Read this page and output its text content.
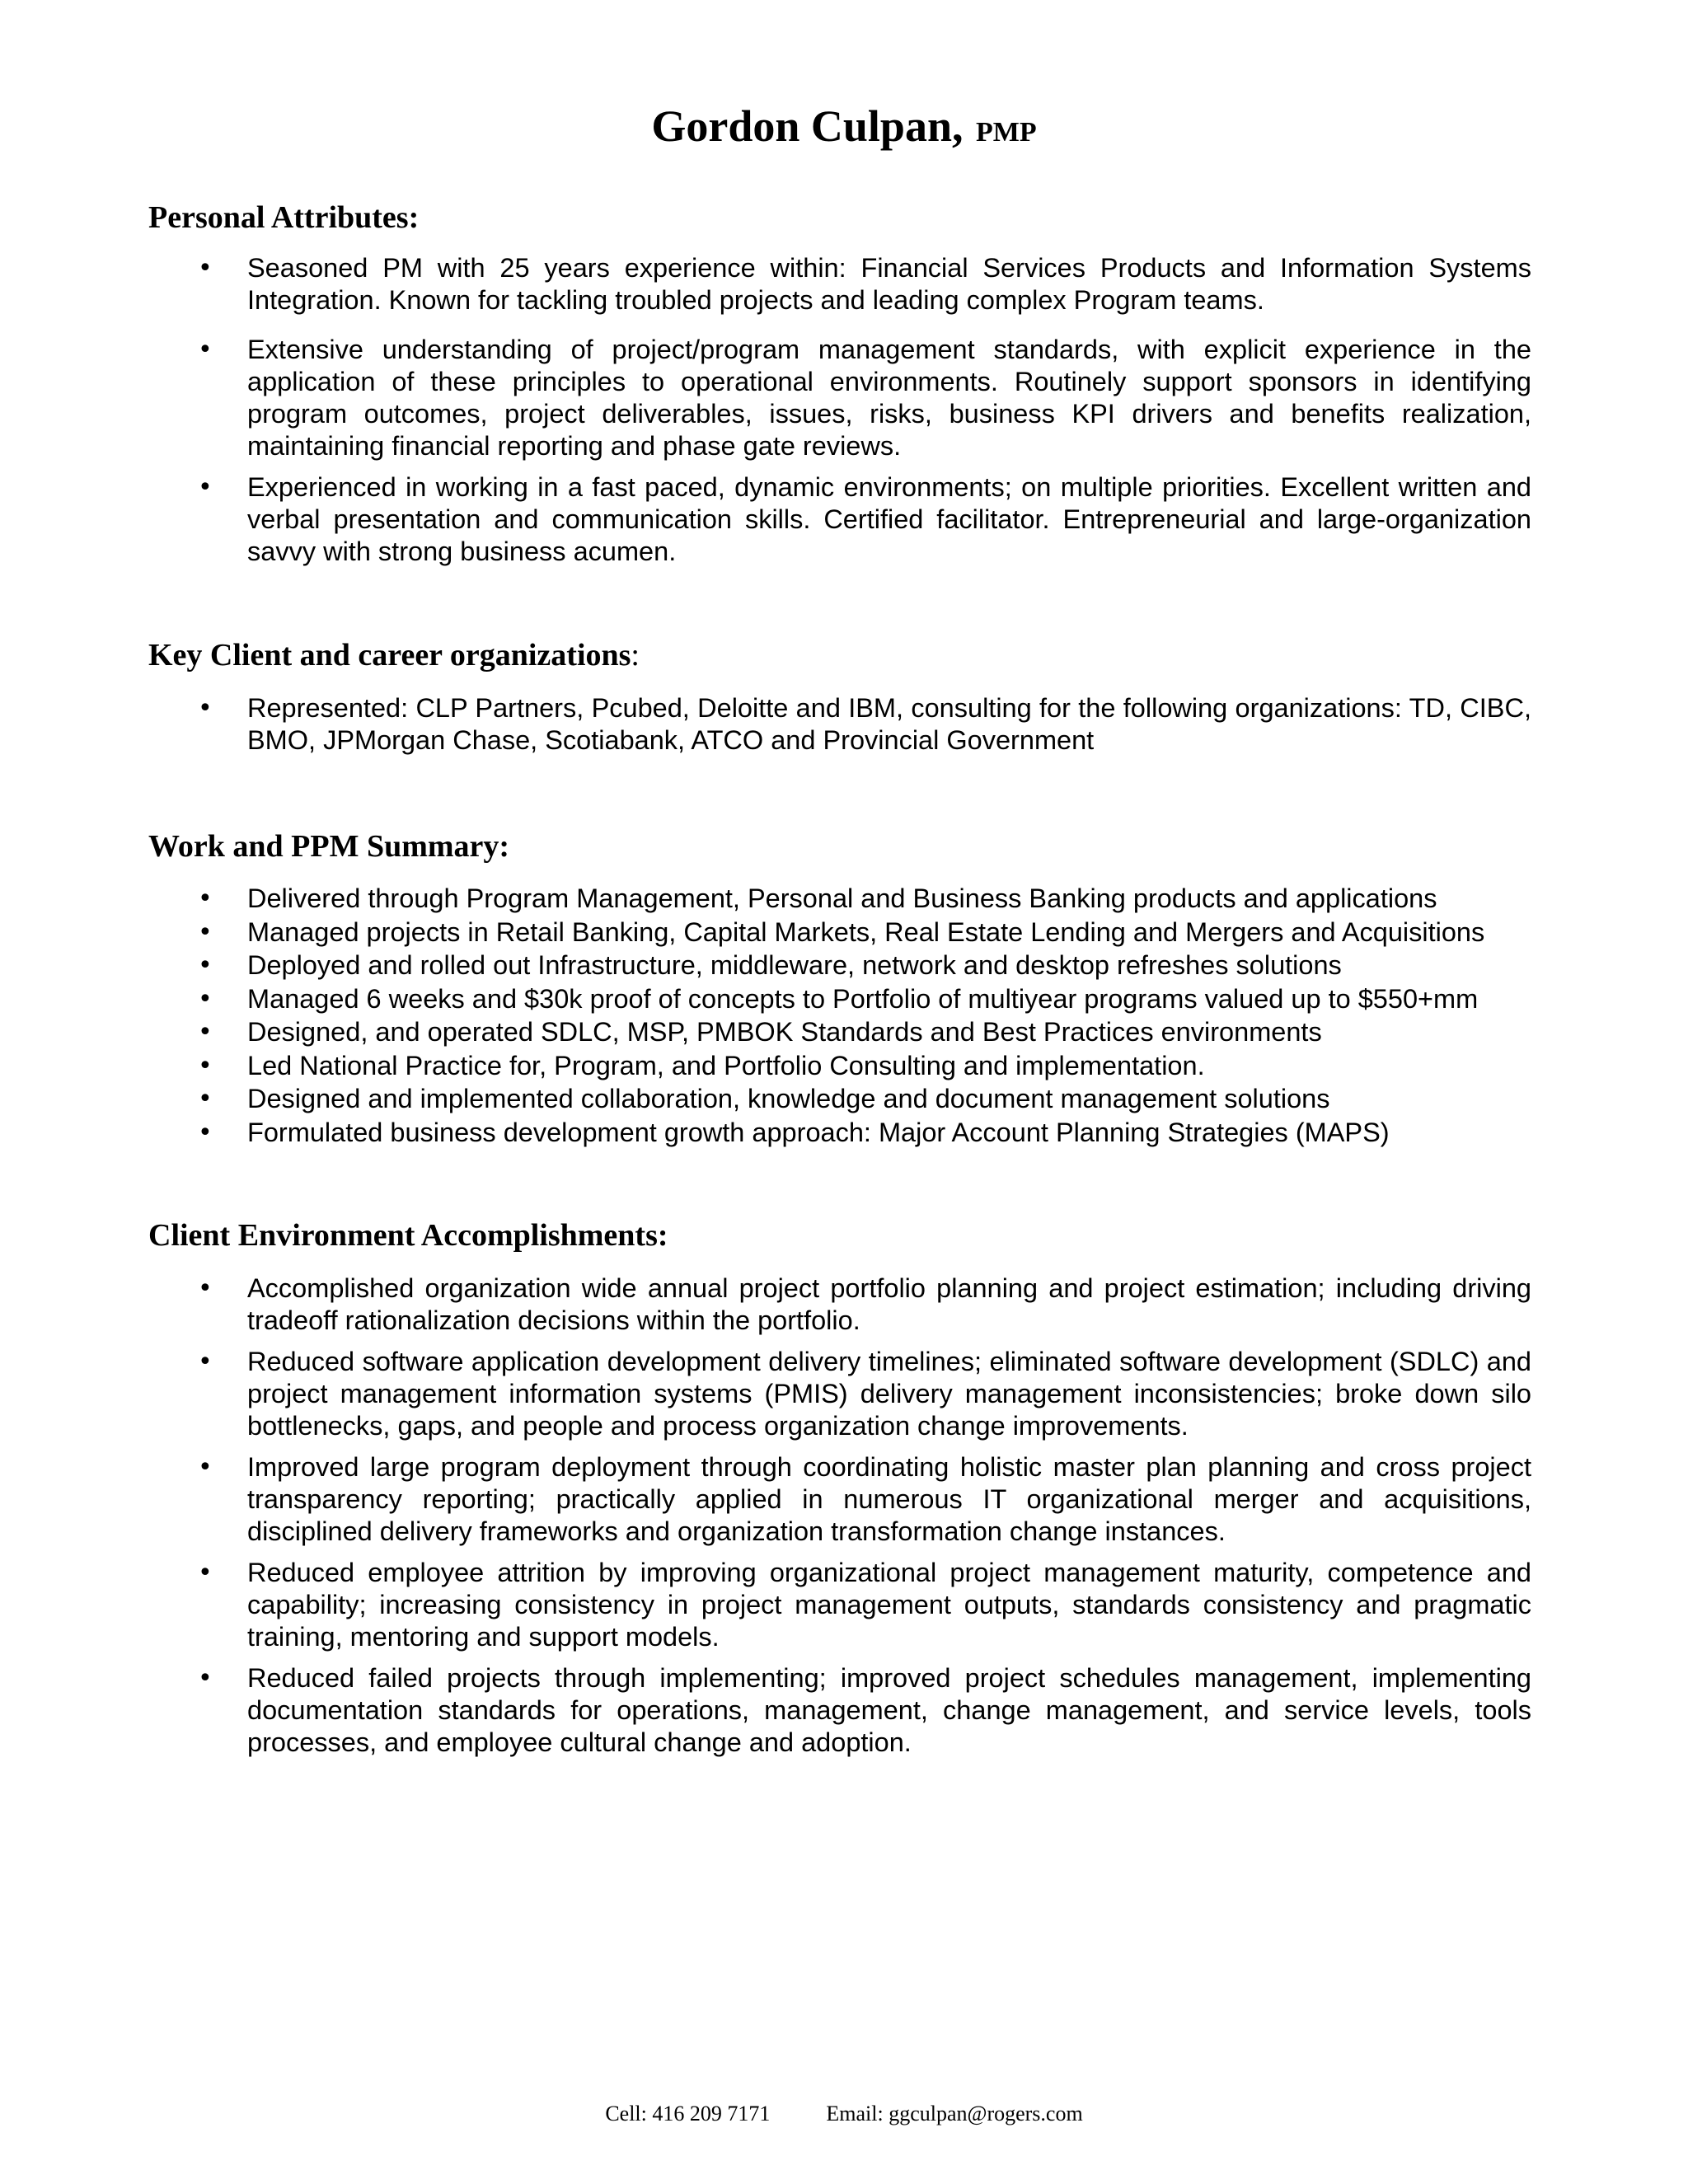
Gordon Culpan, PMP
Personal Attributes:
• Seasoned PM with 25 years experience within: Financial Services Products and Information Systems Integration. Known for tackling troubled projects and leading complex Program teams.
• Extensive understanding of project/program management standards, with explicit experience in the application of these principles to operational environments. Routinely support sponsors in identifying program outcomes, project deliverables, issues, risks, business KPI drivers and benefits realization, maintaining financial reporting and phase gate reviews.
• Experienced in working in a fast paced, dynamic environments; on multiple priorities. Excellent written and verbal presentation and communication skills. Certified facilitator. Entrepreneurial and large-organization savvy with strong business acumen.
Key Client and career organizations:
• Represented: CLP Partners, Pcubed, Deloitte and IBM, consulting for the following organizations: TD, CIBC, BMO, JPMorgan Chase, Scotiabank, ATCO and Provincial Government
Work and PPM Summary:
• Delivered through Program Management, Personal and Business Banking products and applications
• Managed projects in Retail Banking, Capital Markets, Real Estate Lending and Mergers and Acquisitions
• Deployed and rolled out Infrastructure, middleware, network and desktop refreshes solutions
• Managed 6 weeks and $30k proof of concepts to Portfolio of multiyear programs valued up to $550+mm
• Designed, and operated SDLC, MSP, PMBOK Standards and Best Practices environments
• Led National Practice for, Program, and Portfolio Consulting and implementation.
• Designed and implemented collaboration, knowledge and document management solutions
• Formulated business development growth approach: Major Account Planning Strategies (MAPS)
Client Environment Accomplishments:
• Accomplished organization wide annual project portfolio planning and project estimation; including driving tradeoff rationalization decisions within the portfolio.
• Reduced software application development delivery timelines; eliminated software development (SDLC) and project management information systems (PMIS) delivery management inconsistencies; broke down silo bottlenecks, gaps, and people and process organization change improvements.
• Improved large program deployment through coordinating holistic master plan planning and cross project transparency reporting; practically applied in numerous IT organizational merger and acquisitions, disciplined delivery frameworks and organization transformation change instances.
• Reduced employee attrition by improving organizational project management maturity, competence and capability; increasing consistency in project management outputs, standards consistency and pragmatic training, mentoring and support models.
• Reduced failed projects through implementing; improved project schedules management, implementing documentation standards for operations, management, change management, and service levels, tools processes, and employee cultural change and adoption.
Cell: 416 209 7171	Email: ggculpan@rogers.com
